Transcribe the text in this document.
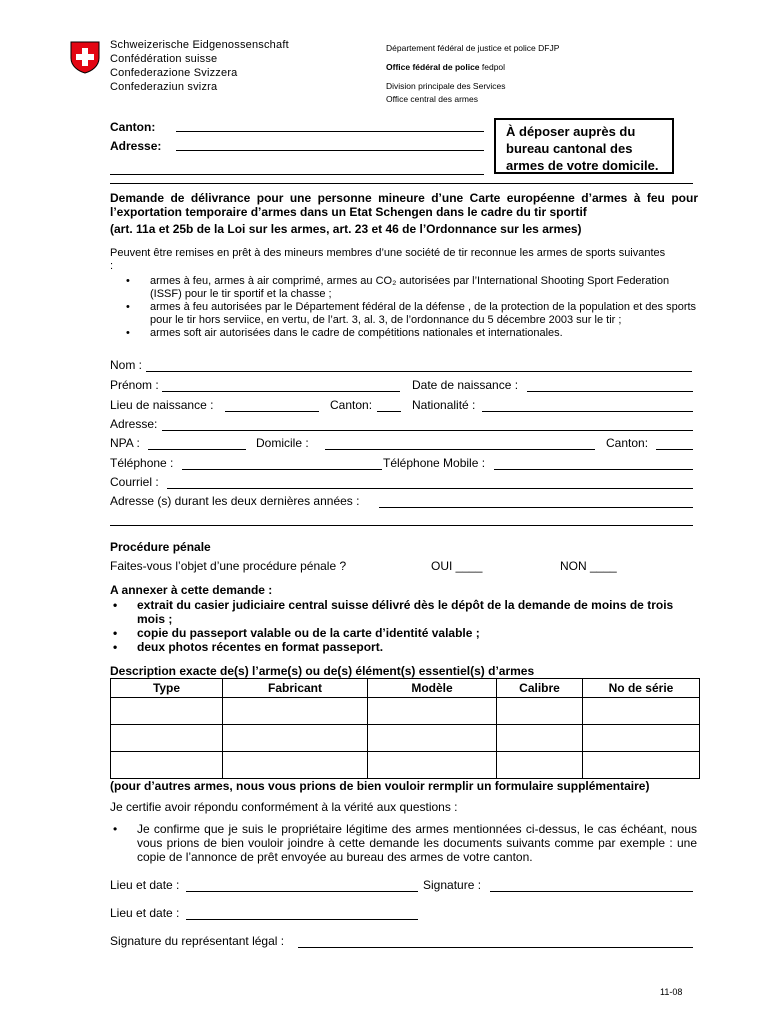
Schweizerische Eidgenossenschaft
Confédération suisse
Confederazione Svizzera
Confederaziun svizra
Département fédéral de justice et police DFJP
Office fédéral de police fedpol
Division principale des Services
Office central des armes
Canton:
Adresse:
À déposer auprès du bureau cantonal des armes de votre domicile.
Demande de délivrance pour une personne mineure d’une Carte européenne d’armes à feu pour l’exportation temporaire d’armes dans un Etat Schengen dans le cadre du tir sportif
(art. 11a et 25b de la Loi sur les armes, art. 23 et 46 de l’Ordonnance sur les armes)
Peuvent être remises en prêt à des mineurs membres d’une société de tir reconnue les armes de sports suivantes :
• armes à feu, armes à air comprimé, armes au CO₂ autorisées par l’International Shooting Sport Federation (ISSF) pour le tir sportif et la chasse ;
• armes à feu autorisées par le Département fédéral de la défense , de la protection de la population et des sports pour le tir hors serviice, en vertu, de l’art. 3, al. 3, de l’ordonnance du 5 décembre 2003 sur le tir ;
• armes soft air autorisées dans le cadre de compétitions nationales et internationales.
Nom :
Prénom :	Date de naissance :
Lieu de naissance :	Canton:	Nationalité :
Adresse:
NPA :	Domicile :	Canton:
Téléphone :	Téléphone Mobile :
Courriel :
Adresse (s) durant les deux dernières années :
Procédure pénale
Faites-vous l’objet d’une procédure pénale ?	OUI ____	NON ____
A annexer à cette demande :
• extrait du casier judiciaire central suisse délivré dès le dépôt de la demande de moins de trois mois ;
• copie du passeport valable ou de la carte d’identité valable ;
• deux photos récentes en format passeport.
Description exacte de(s) l’arme(s) ou de(s) élément(s) essentiel(s) d’armes
Type	Fabricant	Modèle	Calibre	No de série

(pour d’autres armes, nous vous prions de bien vouloir rermplir un formulaire supplémentaire)
Je certifie avoir répondu conformément à la vérité aux questions :
• Je confirme que je suis le propriétaire légitime des armes mentionnées ci-dessus, le cas échéant, nous vous prions de bien vouloir joindre à cette demande les documents suivants comme par exemple : une copie de l’annonce de prêt envoyée au bureau des armes de votre canton.
Lieu et date :	Signature :
Lieu et date :
Signature du représentant légal :
11-08
